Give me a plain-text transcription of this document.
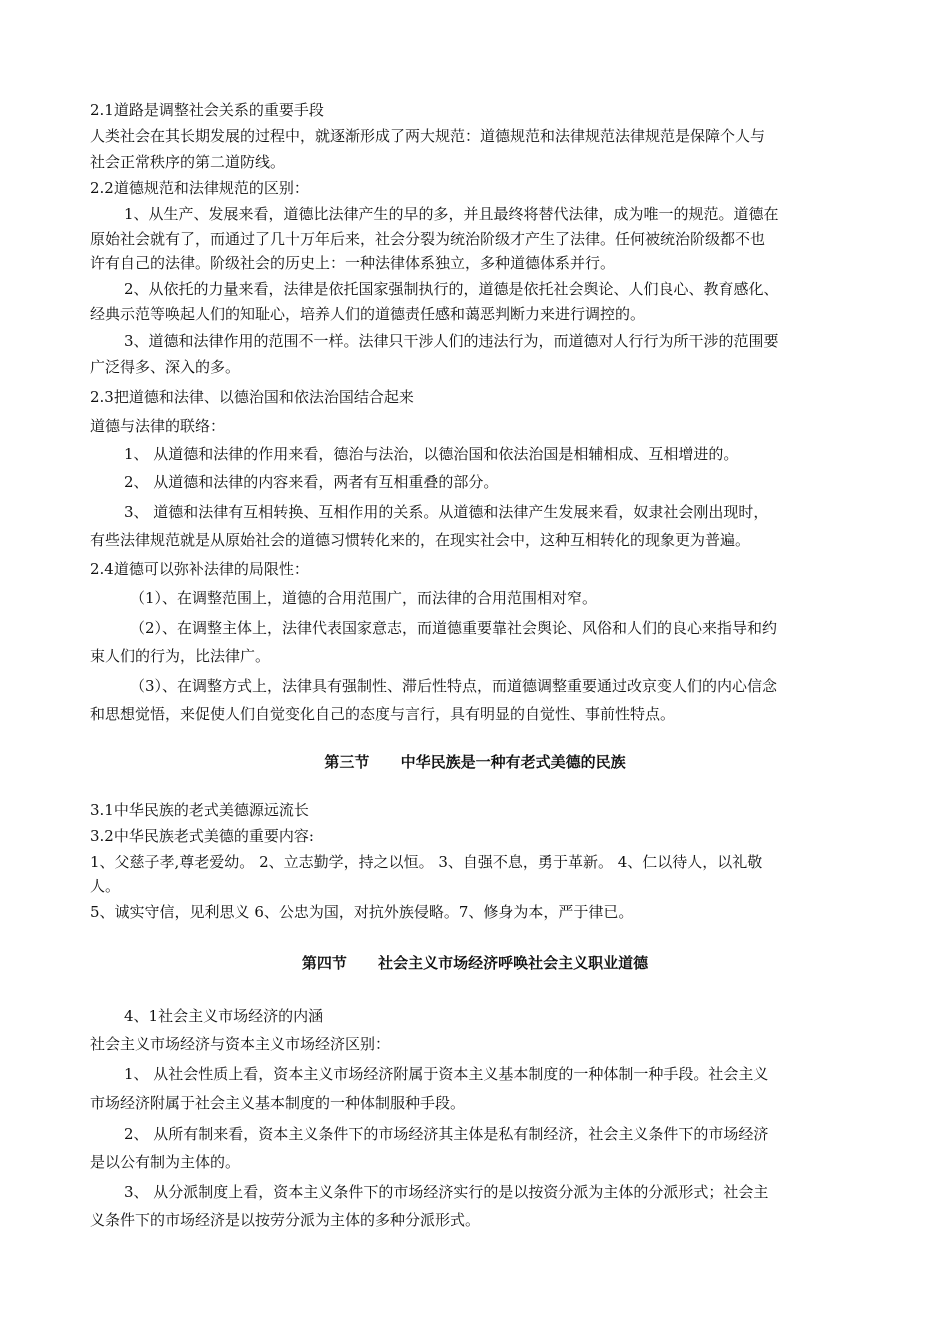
2.1道路是调整社会关系的重要手段
人类社会在其长期发展的过程中，就逐渐形成了两大规范：道德规范和法律规范法律规范是保障个人与
社会正常秩序的第二道防线。
2.2道德规范和法律规范的区别：
1、从生产、发展来看，道德比法律产生的早的多，并且最终将替代法律，成为唯一的规范。道德在
原始社会就有了，而通过了几十万年后来，社会分裂为统治阶级才产生了法律。任何被统治阶级都不也
许有自己的法律。阶级社会的历史上：一种法律体系独立，多种道德体系并行。
2、从依托的力量来看，法律是依托国家强制执行的，道德是依托社会舆论、人们良心、教育感化、
经典示范等唤起人们的知耻心，培养人们的道德责任感和蔼恶判断力来进行调控的。
3、道德和法律作用的范围不一样。法律只干涉人们的违法行为，而道德对人行行为所干涉的范围要
广泛得多、深入的多。
2.3把道德和法律、以德治国和依法治国结合起来
道德与法律的联络：
1、 从道德和法律的作用来看，德治与法治，以德治国和依法治国是相辅相成、互相增进的。
2、 从道德和法律的内容来看，两者有互相重叠的部分。
3、 道德和法律有互相转换、互相作用的关系。从道德和法律产生发展来看，奴隶社会刚出现时，
有些法律规范就是从原始社会的道德习惯转化来的，在现实社会中，这种互相转化的现象更为普遍。
2.4道德可以弥补法律的局限性：
（1）、在调整范围上，道德的合用范围广，而法律的合用范围相对窄。
（2）、在调整主体上，法律代表国家意志，而道德重要靠社会舆论、风俗和人们的良心来指导和约
束人们的行为，比法律广。
（3）、在调整方式上，法律具有强制性、滞后性特点，而道德调整重要通过改京变人们的内心信念
和思想觉悟，来促使人们自觉变化自己的态度与言行，具有明显的自觉性、事前性特点。
第三节      中华民族是一种有老式美德的民族
3.1中华民族的老式美德源远流长
3.2中华民族老式美德的重要内容:
1、父慈子孝,尊老爱幼。 2、立志勤学，持之以恒。 3、自强不息，勇于革新。 4、仁以待人，以礼敬
人。
5、诚实守信，见利思义 6、公忠为国，对抗外族侵略。7、修身为本，严于律已。
第四节      社会主义市场经济呼唤社会主义职业道德
4、1社会主义市场经济的内涵
社会主义市场经济与资本主义市场经济区别：
1、 从社会性质上看，资本主义市场经济附属于资本主义基本制度的一种体制一种手段。社会主义
市场经济附属于社会主义基本制度的一种体制服种手段。
2、 从所有制来看，资本主义条件下的市场经济其主体是私有制经济，社会主义条件下的市场经济
是以公有制为主体的。
3、 从分派制度上看，资本主义条件下的市场经济实行的是以按资分派为主体的分派形式；社会主
义条件下的市场经济是以按劳分派为主体的多种分派形式。
